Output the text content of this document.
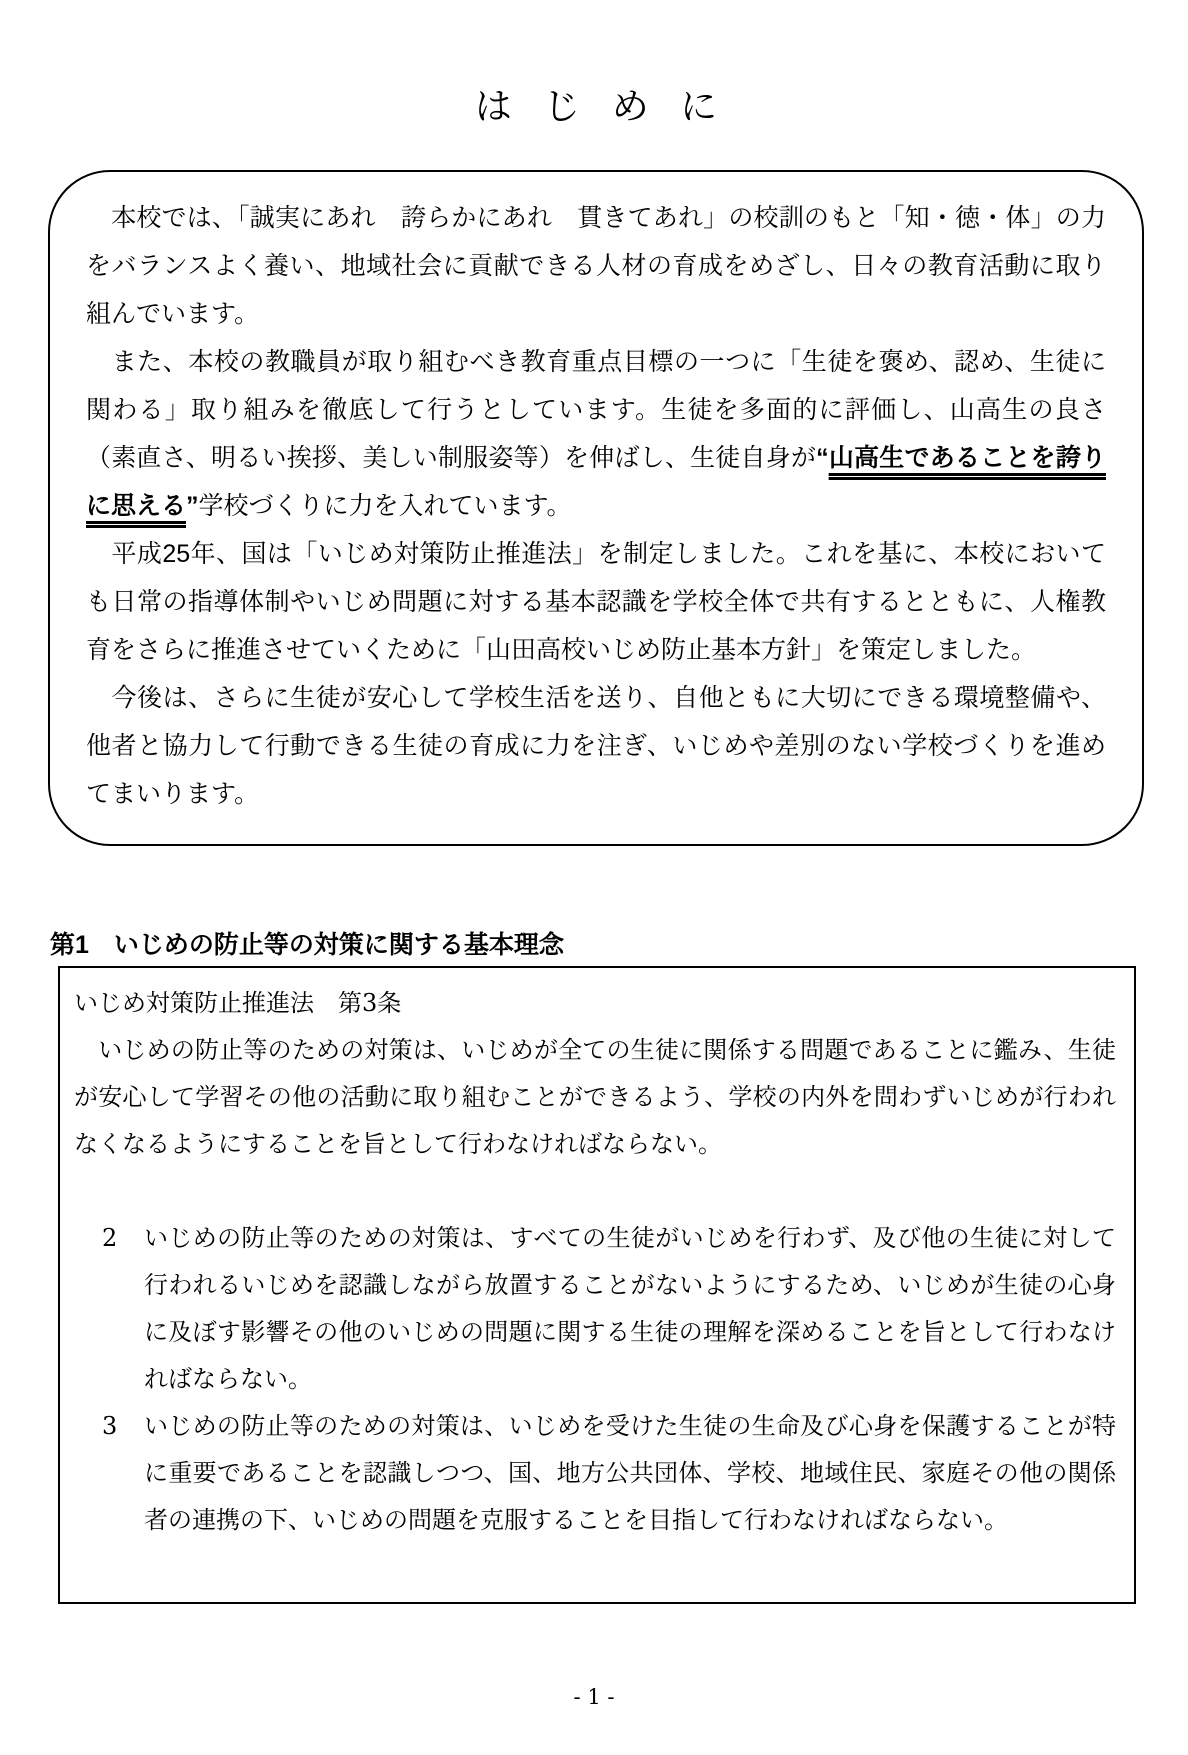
はじめに

　本校では、「誠実にあれ　誇らかにあれ　貫きてあれ」の校訓のもと「知・徳・体」の力をバランスよく養い、地域社会に貢献できる人材の育成をめざし、日々の教育活動に取り組んでいます。

　また、本校の教職員が取り組むべき教育重点目標の一つに「生徒を褒め、認め、生徒に関わる」取り組みを徹底して行うとしています。生徒を多面的に評価し、山高生の良さ（素直さ、明るい挨拶、美しい制服姿等）を伸ばし、生徒自身が“山高生であることを誇りに思える”学校づくりに力を入れています。

　平成25年、国は「いじめ対策防止推進法」を制定しました。これを基に、本校においても日常の指導体制やいじめ問題に対する基本認識を学校全体で共有するとともに、人権教育をさらに推進させていくために「山田高校いじめ防止基本方針」を策定しました。

　今後は、さらに生徒が安心して学校生活を送り、自他ともに大切にできる環境整備や、他者と協力して行動できる生徒の育成に力を注ぎ、いじめや差別のない学校づくりを進めてまいります。

第1　いじめの防止等の対策に関する基本理念

いじめ対策防止推進法　第3条

　いじめの防止等のための対策は、いじめが全ての生徒に関係する問題であることに鑑み、生徒が安心して学習その他の活動に取り組むことができるよう、学校の内外を問わずいじめが行われなくなるようにすることを旨として行わなければならない。

2	いじめの防止等のための対策は、すべての生徒がいじめを行わず、及び他の生徒に対して行われるいじめを認識しながら放置することがないようにするため、いじめが生徒の心身に及ぼす影響その他のいじめの問題に関する生徒の理解を深めることを旨として行わなければならない。
3	いじめの防止等のための対策は、いじめを受けた生徒の生命及び心身を保護することが特に重要であることを認識しつつ、国、地方公共団体、学校、地域住民、家庭その他の関係者の連携の下、いじめの問題を克服することを目指して行わなければならない。
- 1 -
